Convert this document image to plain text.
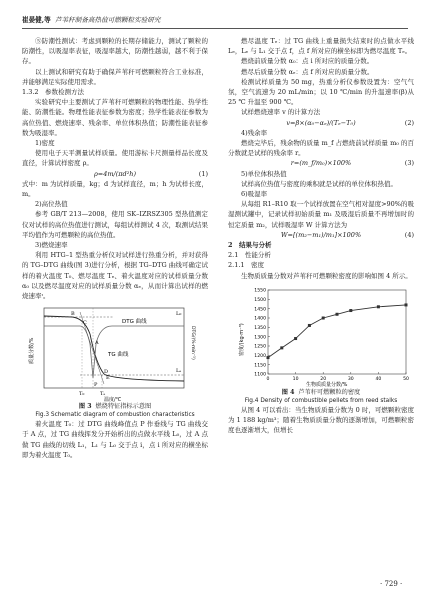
崔晏健,等 芦苇秆制备高热值可燃颗粒实验研究

⑤防潮性测试：考虑到颗粒的长期存储能力，测试了颗粒的防潮性，以吸湿率表征，吸湿率越大，防潮性越弱，越不利于保存。

以上测试和研究有助于确保芦苇秆可燃颗粒符合工业标准，并能够满足实际使用需求。

1.3.2　参数检测方法

实验研究中主要测试了芦苇秆可燃颗粒的物理性能、热学性能、防潮性能。物理性能表征参数为密度；热学性能表征参数为高位热值、燃烧速率、残余率、单位体积热值；防潮性能表征参数为吸湿率。

1)密度

使用电子天平测量试样质量。使用游标卡尺测量样品长度及直径，计算试样密度 ρ。

ρ=4m/(πd²h)	(1)

式中：m 为试样质量，kg；d 为试样直径，m；h 为试样长度，m。

2)高位热值

参考 GB/T 213—2008，使用 SK–IZRSZ305 型热值测定仪对试样的高位热值进行测试，每组试样测试 4 次，取测试结果平均值作为可燃颗粒的高位热值。

3)燃烧速率

利用 HTG–1 型热重分析仪对试样进行热重分析，并对获得的 TG–DTG 曲线(图 3)进行分析，根据 TG–DTG 曲线可确定试样的着火温度 T₀、燃尽温度 Tₑ、着火温度对应的试样质量分数 α₀ 以及燃尽温度对应的试样质量分数 αₑ，从而计算出试样的燃烧速率ᶦ。

DTG 曲线
TG 曲线
A
B
C
D
E
P
T₀	Tₑ
L₀
Lₑ
质量分数/%	DTG/(%·min⁻¹)
温度/℃
图 3 燃烧特征指标示意图
Fig.3 Schematic diagram of combustion characteristics

着火温度 T₀：过 DTG 曲线峰值点 P 作垂线与 TG 曲线交于 A 点，过 TG 曲线挥发分开始析出的点做水平线 L₀，过 A 点做 TG 曲线的切线 L₁，L₁ 与 L₀ 交于点 i，点 i 所对应的横坐标即为着火温度 T₀。

燃尽温度 Tₑ：过 TG 曲线上重量损失结束时的点做水平线 Lₑ，Lₑ 与 L₁ 交于点 f，点 f 所对应的横坐标即为燃尽温度 Tₑ。

燃烧前质量分数 α₀：点 i 所对应的质量分数。

燃尽后质量分数 αₑ：点 f 所对应的质量分数。

检测试样质量为 50 mg，热重分析仪参数设置为：空气气氛，空气流速为 20 mL/min；以 10 ℃/min 的升温速率(β)从 25 ℃ 升温至 900 ℃。

试样燃烧速率 v 的计算方法

v=β×(α₀−αₑ)/(Tₑ−T₀)	(2)

4)残余率

燃烧完毕后，残余物的质量 m_f 占燃烧前试样质量 m₀ 的百分数就是试样的残余率 r。

r=(m_f/m₀)×100%	(3)

5)单位体积热值

试样高位热值与密度的乘积就是试样的单位体积热值。

6)吸湿率

从每组 R1–R10 取一个试样放置在空气相对湿度>90%的吸湿测试罐中，记录试样初始质量 m₁ 及吸湿后质量不再增加时的恒定质量 m₂，试样吸湿率 W 计算方法为

W=[(m₂−m₁)/m₁]×100%	(4)

2　结果与分析

2.1　性能分析

2.1.1　密度

生物质质量分数对芦苇秆可燃颗粒密度的影响如图 4 所示。

1100
1150
1200
1250
1300
1350
1400
1450
1500
1550
0	10	20	30	40	50
密度/(kg·m⁻³)
生物质质量分数/%
图 4 芦苇秆可燃颗粒的密度
Fig.4 Density of combustible pellets from reed stalks

从图 4 可以看出：当生物质质量分数为 0 时，可燃颗粒密度为 1 188 kg/m³；随着生物质质量分数的逐渐增加，可燃颗粒密度也逐渐增大，但增长

· 729 ·
